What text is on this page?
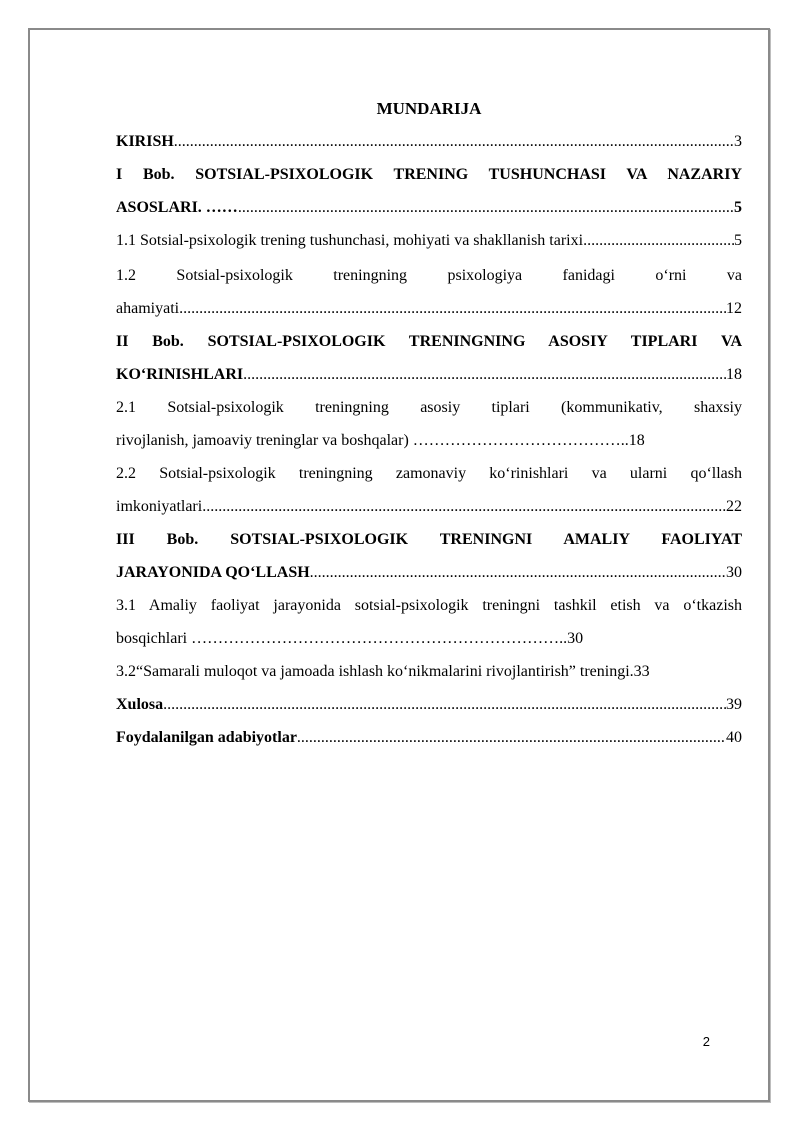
MUNDARIJA
KIRISH .....	3
I Bob. SOTSIAL-PSIXOLOGIK TRENING TUSHUNCHASI VA NAZARIY
ASOSLARI. …… .....	5
1.1 Sotsial-psixologik trening tushunchasi, mohiyati va shakllanish tarixi .....	5
1.2 Sotsial-psixologik treningning psixologiya fanidagi o‘rni va
ahamiyati .....	12
II Bob. SOTSIAL-PSIXOLOGIK TRENINGNING ASOSIY TIPLARI VA
KO‘RINISHLARI .....	18
2.1 Sotsial-psixologik treningning asosiy tiplari (kommunikativ, shaxsiy
rivojlanish, jamoaviy treninglar va boshqalar) …………………………………..18
2.2 Sotsial-psixologik treningning zamonaviy ko‘rinishlari va ularni qo‘llash
imkoniyatlari .....	22
III Bob. SOTSIAL-PSIXOLOGIK TRENINGNI AMALIY FAOLIYAT
JARAYONIDA QO‘LLASH .....	30
3.1 Amaliy faoliyat jarayonida sotsial-psixologik treningni tashkil etish va o‘tkazish
bosqichlari ……………………………………………………………..30
3.2“Samarali muloqot va jamoada ishlash ko‘nikmalarini rivojlantirish” treningi.33
Xulosa .....	39
Foydalanilgan adabiyotlar .....	40
2
